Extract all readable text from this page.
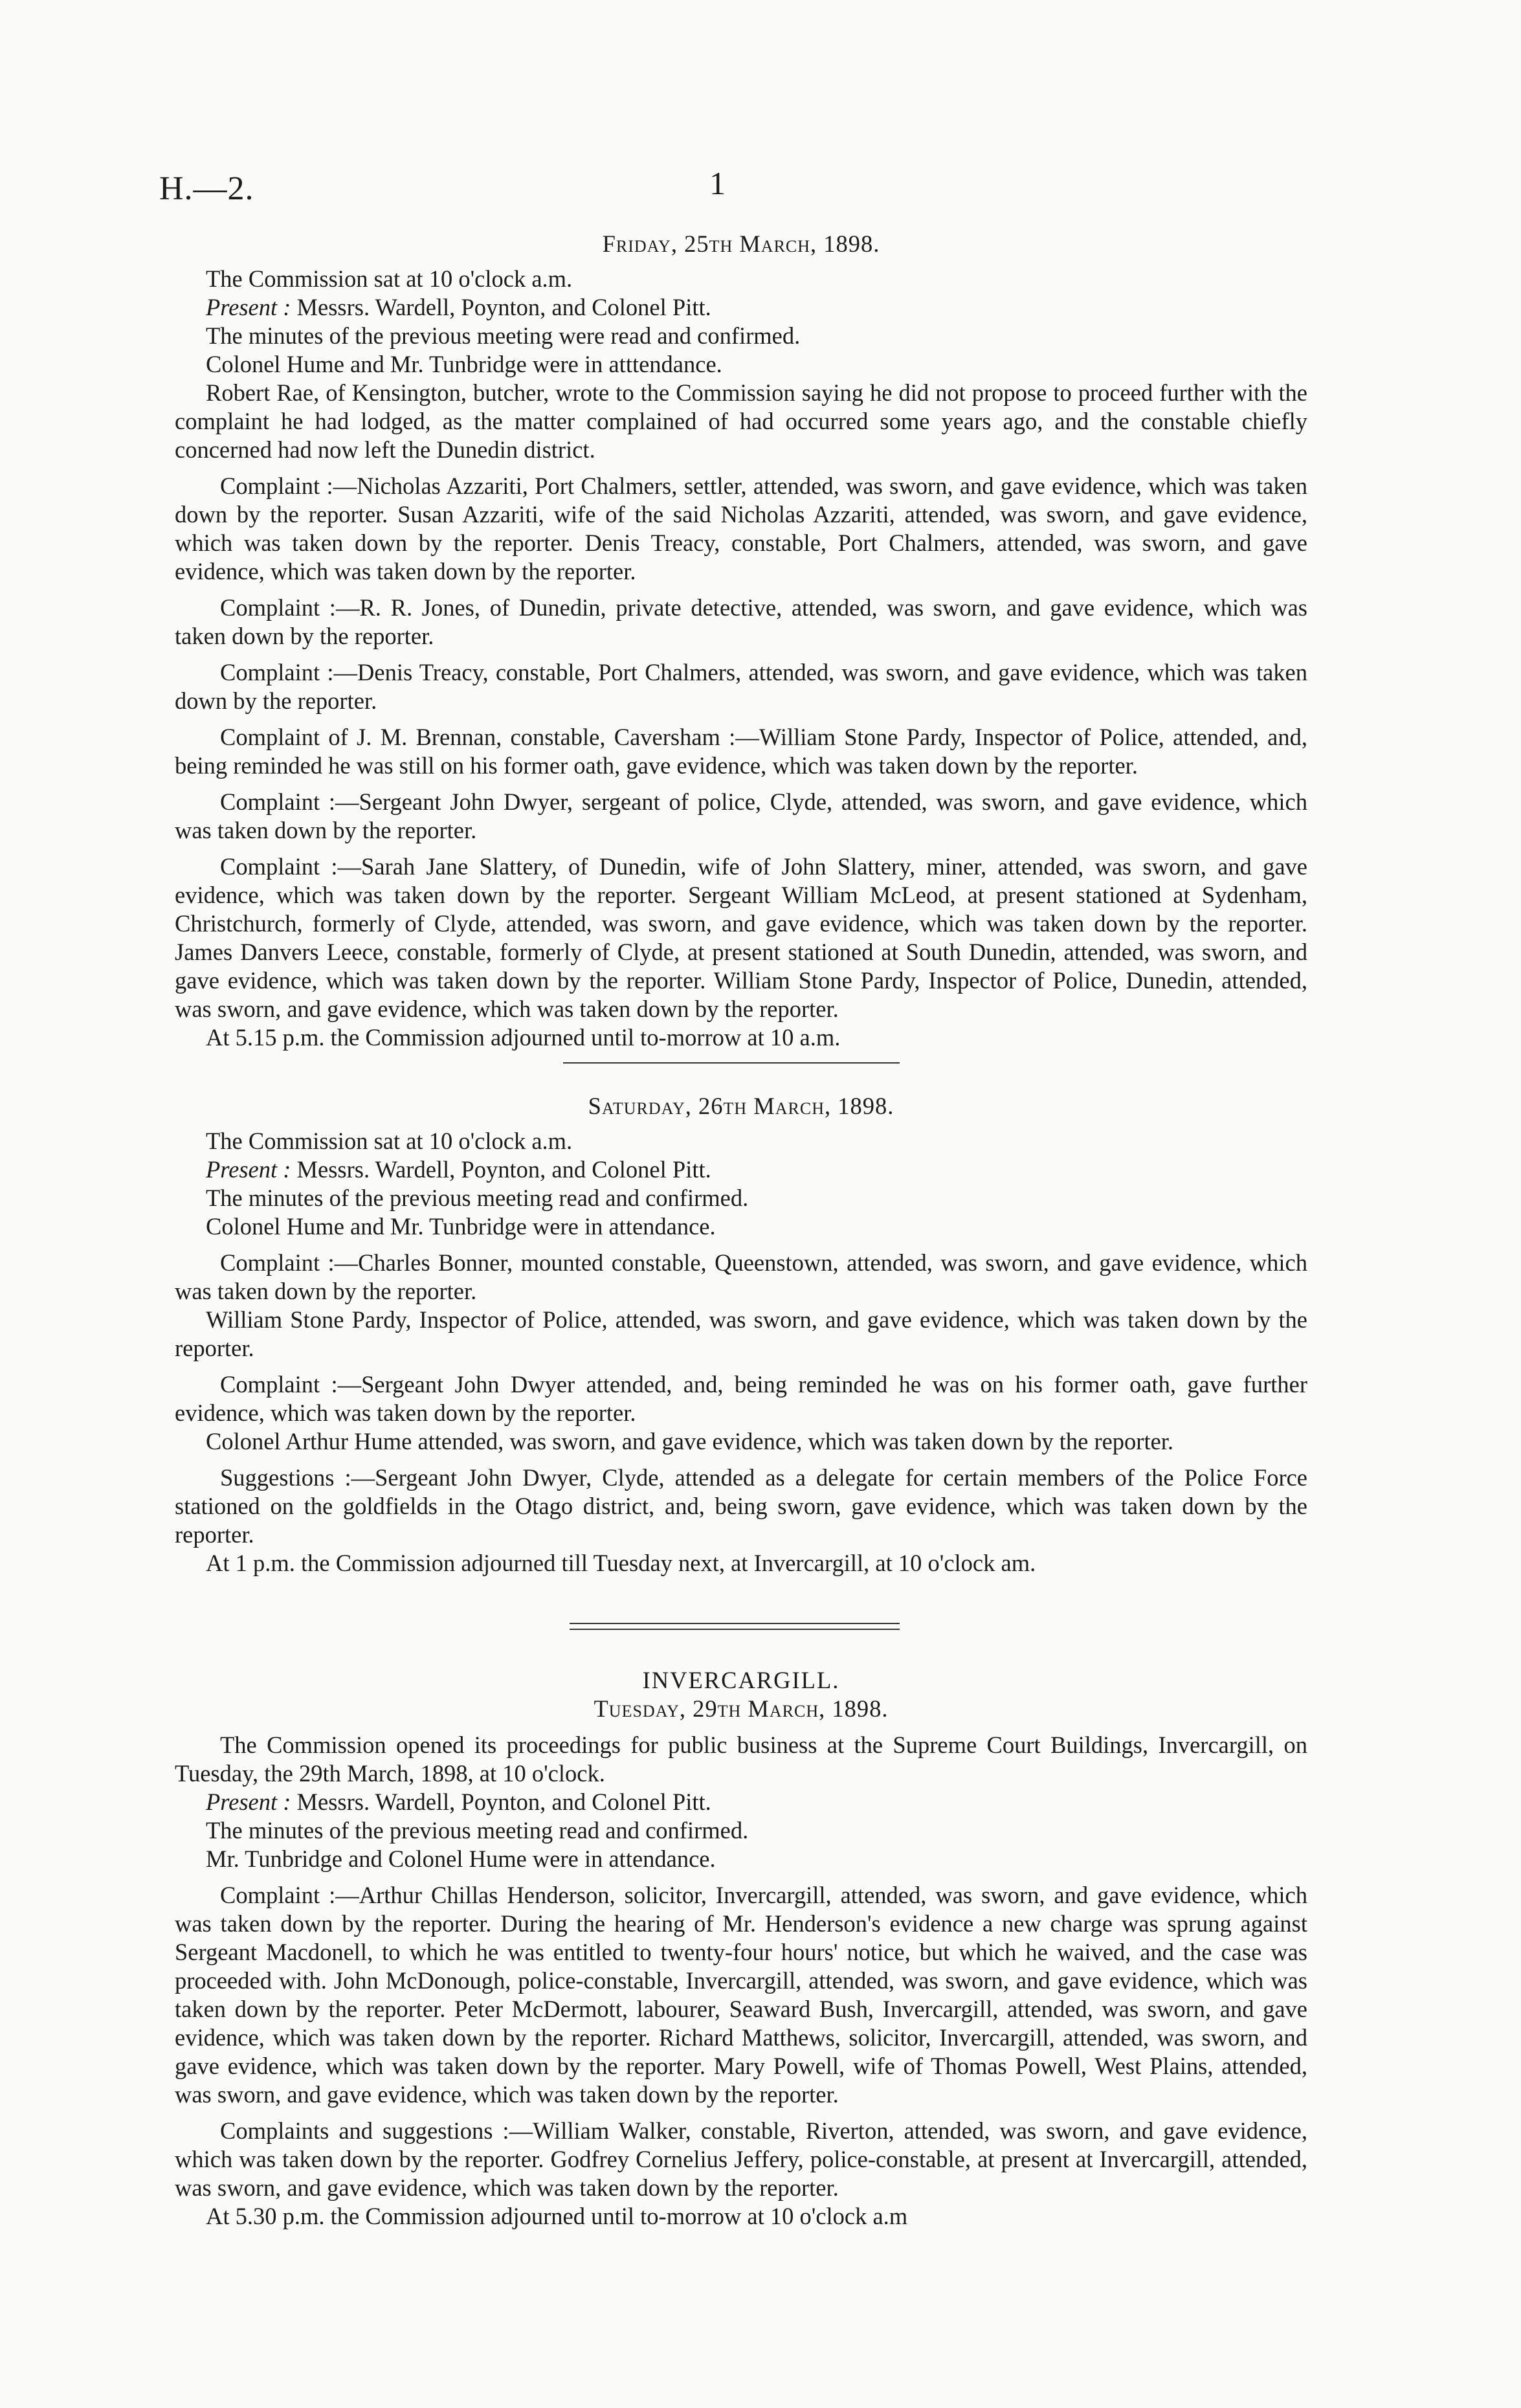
H.—2.	1

Friday, 25th March, 1898.

The Commission sat at 10 o'clock a.m.

Present : Messrs. Wardell, Poynton, and Colonel Pitt.

The minutes of the previous meeting were read and confirmed.

Colonel Hume and Mr. Tunbridge were in atttendance.

Robert Rae, of Kensington, butcher, wrote to the Commission saying he did not propose to proceed further with the complaint he had lodged, as the matter complained of had occurred some years ago, and the constable chiefly concerned had now left the Dunedin district.

Complaint :—Nicholas Azzariti, Port Chalmers, settler, attended, was sworn, and gave evidence, which was taken down by the reporter. Susan Azzariti, wife of the said Nicholas Azzariti, attended, was sworn, and gave evidence, which was taken down by the reporter. Denis Treacy, constable, Port Chalmers, attended, was sworn, and gave evidence, which was taken down by the reporter.

Complaint :—R. R. Jones, of Dunedin, private detective, attended, was sworn, and gave evidence, which was taken down by the reporter.

Complaint :—Denis Treacy, constable, Port Chalmers, attended, was sworn, and gave evidence, which was taken down by the reporter.

Complaint of J. M. Brennan, constable, Caversham :—William Stone Pardy, Inspector of Police, attended, and, being reminded he was still on his former oath, gave evidence, which was taken down by the reporter.

Complaint :—Sergeant John Dwyer, sergeant of police, Clyde, attended, was sworn, and gave evidence, which was taken down by the reporter.

Complaint :—Sarah Jane Slattery, of Dunedin, wife of John Slattery, miner, attended, was sworn, and gave evidence, which was taken down by the reporter. Sergeant William McLeod, at present stationed at Sydenham, Christchurch, formerly of Clyde, attended, was sworn, and gave evidence, which was taken down by the reporter. James Danvers Leece, constable, formerly of Clyde, at present stationed at South Dunedin, attended, was sworn, and gave evidence, which was taken down by the reporter. William Stone Pardy, Inspector of Police, Dunedin, attended, was sworn, and gave evidence, which was taken down by the reporter.

At 5.15 p.m. the Commission adjourned until to-morrow at 10 a.m.

Saturday, 26th March, 1898.

The Commission sat at 10 o'clock a.m.

Present : Messrs. Wardell, Poynton, and Colonel Pitt.

The minutes of the previous meeting read and confirmed.

Colonel Hume and Mr. Tunbridge were in attendance.

Complaint :—Charles Bonner, mounted constable, Queenstown, attended, was sworn, and gave evidence, which was taken down by the reporter.

William Stone Pardy, Inspector of Police, attended, was sworn, and gave evidence, which was taken down by the reporter.

Complaint :—Sergeant John Dwyer attended, and, being reminded he was on his former oath, gave further evidence, which was taken down by the reporter.

Colonel Arthur Hume attended, was sworn, and gave evidence, which was taken down by the reporter.

Suggestions :—Sergeant John Dwyer, Clyde, attended as a delegate for certain members of the Police Force stationed on the goldfields in the Otago district, and, being sworn, gave evidence, which was taken down by the reporter.

At 1 p.m. the Commission adjourned till Tuesday next, at Invercargill, at 10 o'clock am.

INVERCARGILL.

Tuesday, 29th March, 1898.

The Commission opened its proceedings for public business at the Supreme Court Buildings, Invercargill, on Tuesday, the 29th March, 1898, at 10 o'clock.

Present : Messrs. Wardell, Poynton, and Colonel Pitt.

The minutes of the previous meeting read and confirmed.

Mr. Tunbridge and Colonel Hume were in attendance.

Complaint :—Arthur Chillas Henderson, solicitor, Invercargill, attended, was sworn, and gave evidence, which was taken down by the reporter. During the hearing of Mr. Henderson's evidence a new charge was sprung against Sergeant Macdonell, to which he was entitled to twenty-four hours' notice, but which he waived, and the case was proceeded with. John McDonough, police-constable, Invercargill, attended, was sworn, and gave evidence, which was taken down by the reporter. Peter McDermott, labourer, Seaward Bush, Invercargill, attended, was sworn, and gave evidence, which was taken down by the reporter. Richard Matthews, solicitor, Invercargill, attended, was sworn, and gave evidence, which was taken down by the reporter. Mary Powell, wife of Thomas Powell, West Plains, attended, was sworn, and gave evidence, which was taken down by the reporter.

Complaints and suggestions :—William Walker, constable, Riverton, attended, was sworn, and gave evidence, which was taken down by the reporter. Godfrey Cornelius Jeffery, police-constable, at present at Invercargill, attended, was sworn, and gave evidence, which was taken down by the reporter.

At 5.30 p.m. the Commission adjourned until to-morrow at 10 o'clock a.m
